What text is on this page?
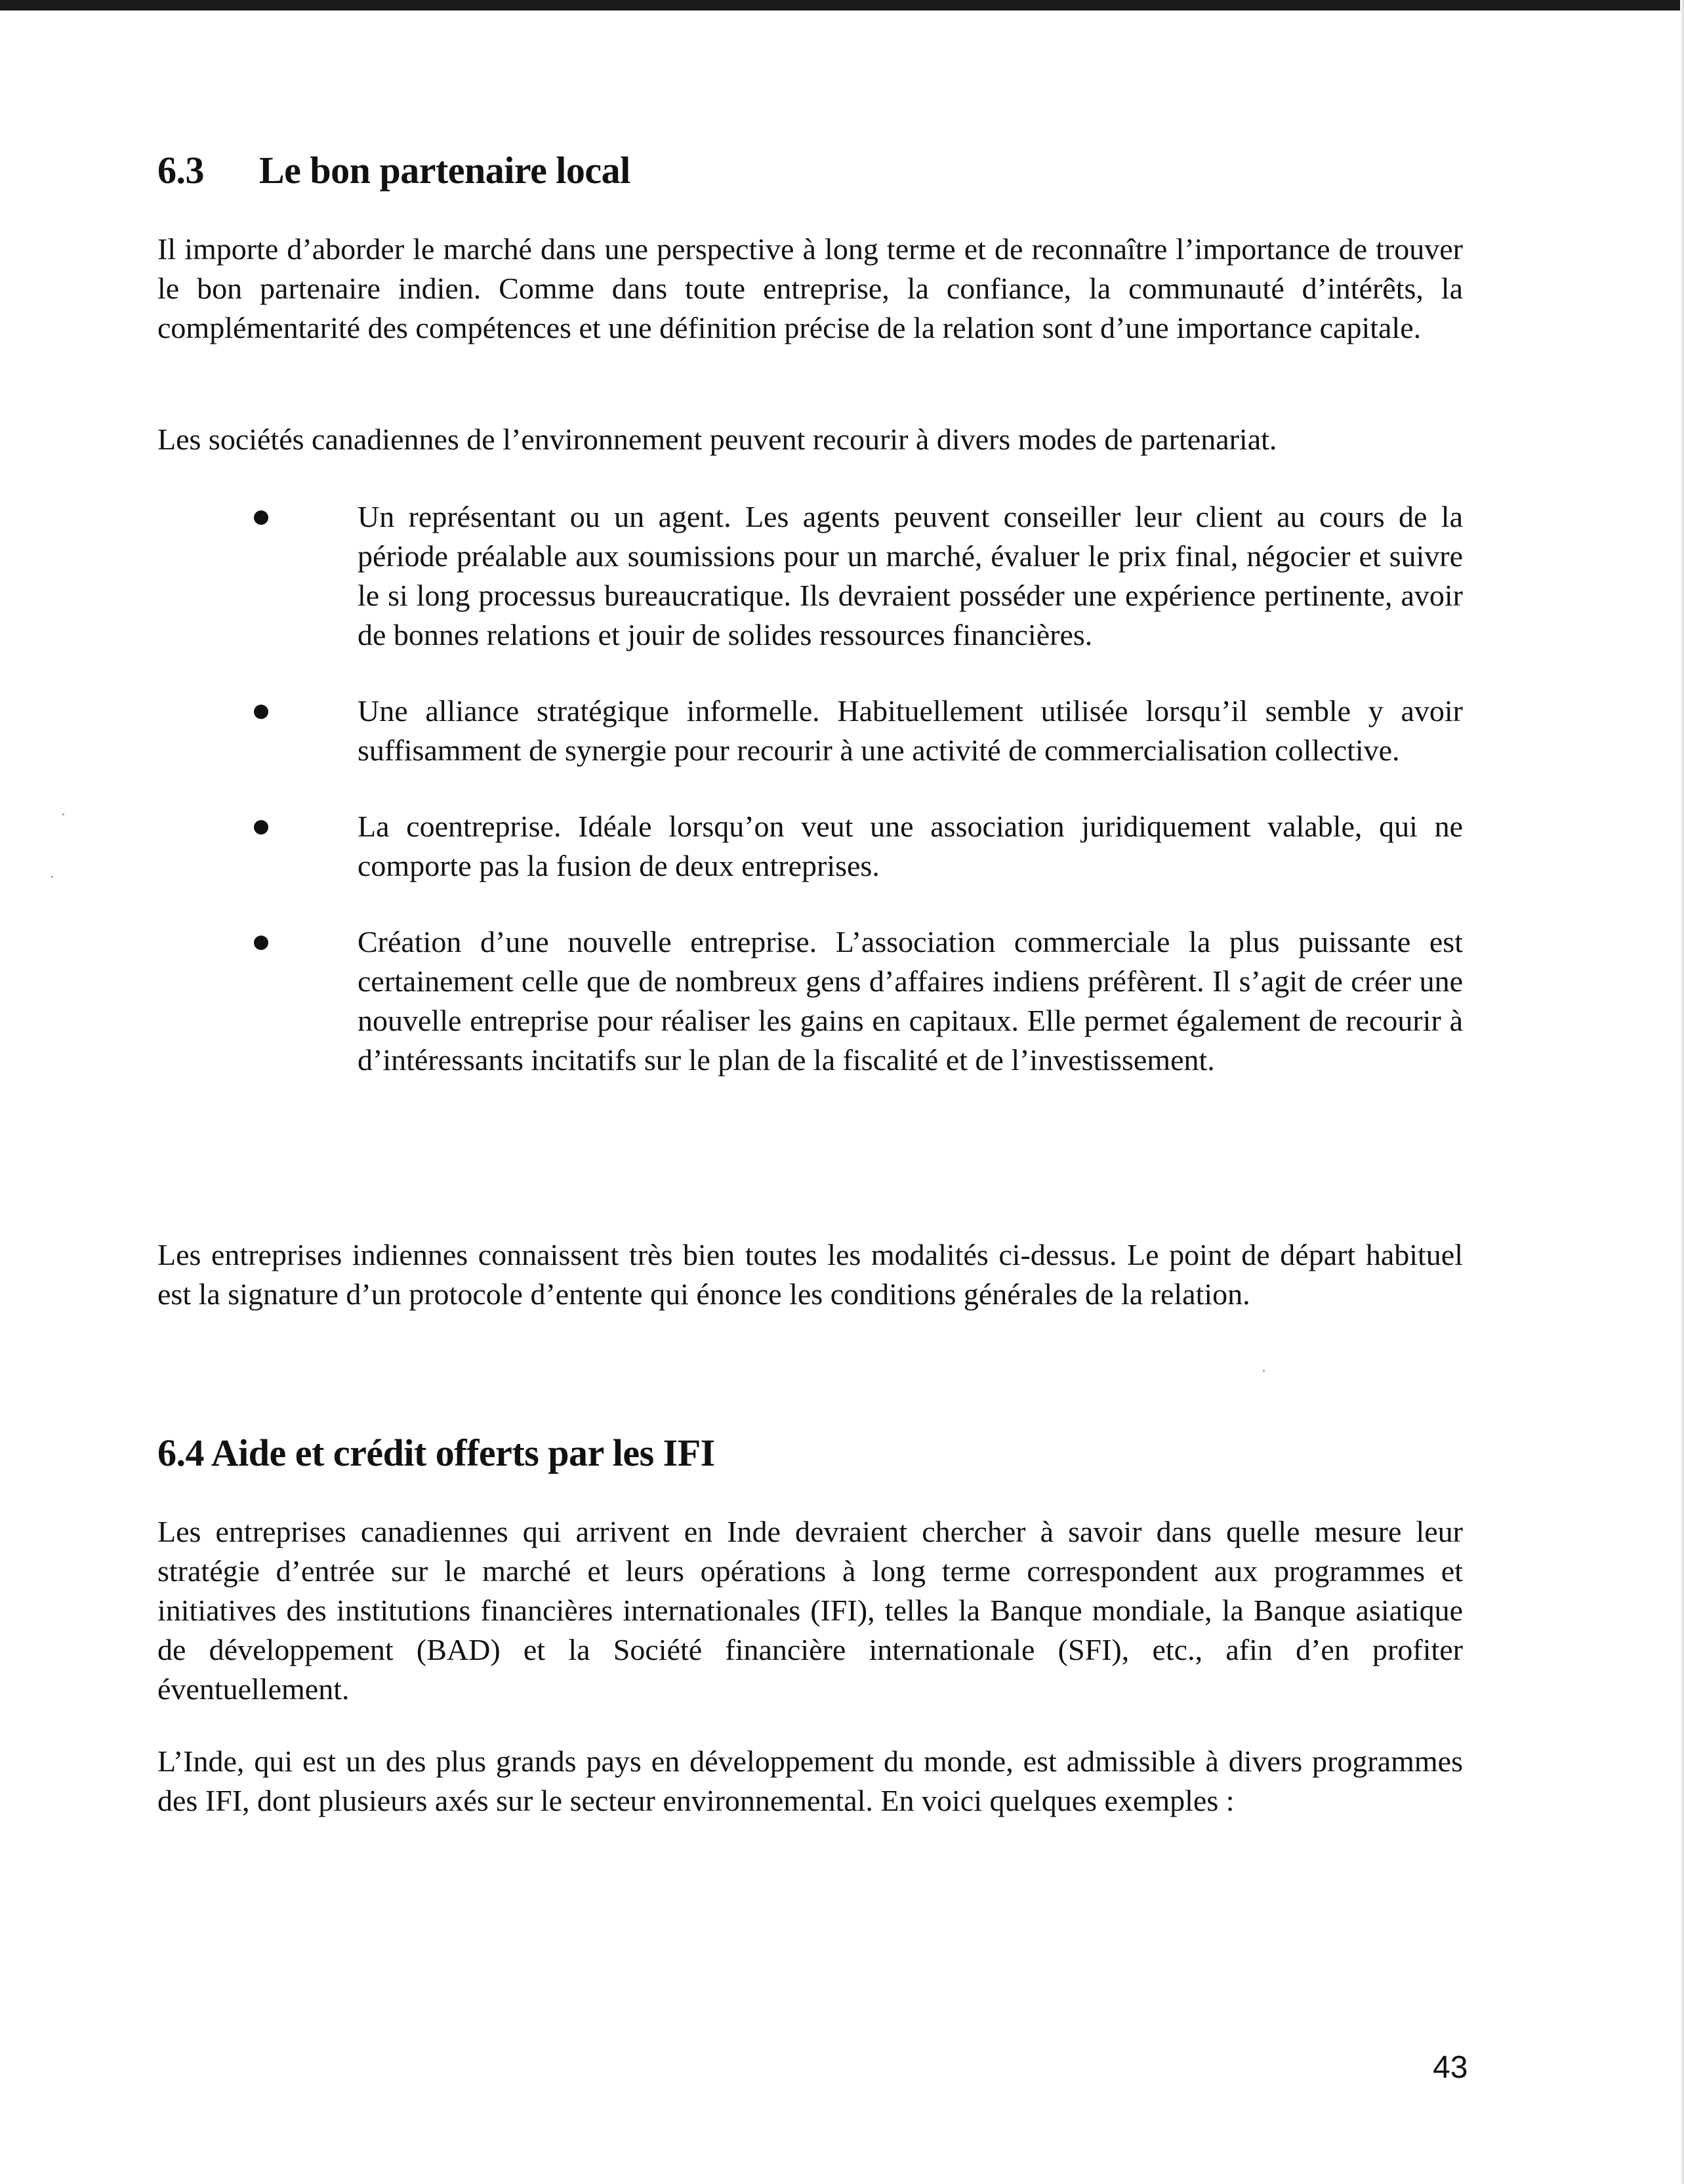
6.3 Le bon partenaire local

Il importe d’aborder le marché dans une perspective à long terme et de reconnaître l’importance de trouver le bon partenaire indien. Comme dans toute entreprise, la confiance, la communauté d’intérêts, la complémentarité des compétences et une définition précise de la relation sont d’une importance capitale.

Les sociétés canadiennes de l’environnement peuvent recourir à divers modes de partenariat.

Un représentant ou un agent. Les agents peuvent conseiller leur client au cours de la période préalable aux soumissions pour un marché, évaluer le prix final, négocier et suivre le si long processus bureaucratique. Ils devraient posséder une expérience pertinente, avoir de bonnes relations et jouir de solides ressources financières.

Une alliance stratégique informelle. Habituellement utilisée lorsqu’il semble y avoir suffisamment de synergie pour recourir à une activité de commercialisation collective.

La coentreprise. Idéale lorsqu’on veut une association juridiquement valable, qui ne comporte pas la fusion de deux entreprises.

Création d’une nouvelle entreprise. L’association commerciale la plus puissante est certainement celle que de nombreux gens d’affaires indiens préfèrent. Il s’agit de créer une nouvelle entreprise pour réaliser les gains en capitaux. Elle permet également de recourir à d’intéressants incitatifs sur le plan de la fiscalité et de l’investissement.

Les entreprises indiennes connaissent très bien toutes les modalités ci-dessus. Le point de départ habituel est la signature d’un protocole d’entente qui énonce les conditions générales de la relation.

6.4 Aide et crédit offerts par les IFI

Les entreprises canadiennes qui arrivent en Inde devraient chercher à savoir dans quelle mesure leur stratégie d’entrée sur le marché et leurs opérations à long terme correspondent aux programmes et initiatives des institutions financières internationales (IFI), telles la Banque mondiale, la Banque asiatique de développement (BAD) et la Société financière internationale (SFI), etc., afin d’en profiter éventuellement.

L’Inde, qui est un des plus grands pays en développement du monde, est admissible à divers programmes des IFI, dont plusieurs axés sur le secteur environnemental. En voici quelques exemples :

43
